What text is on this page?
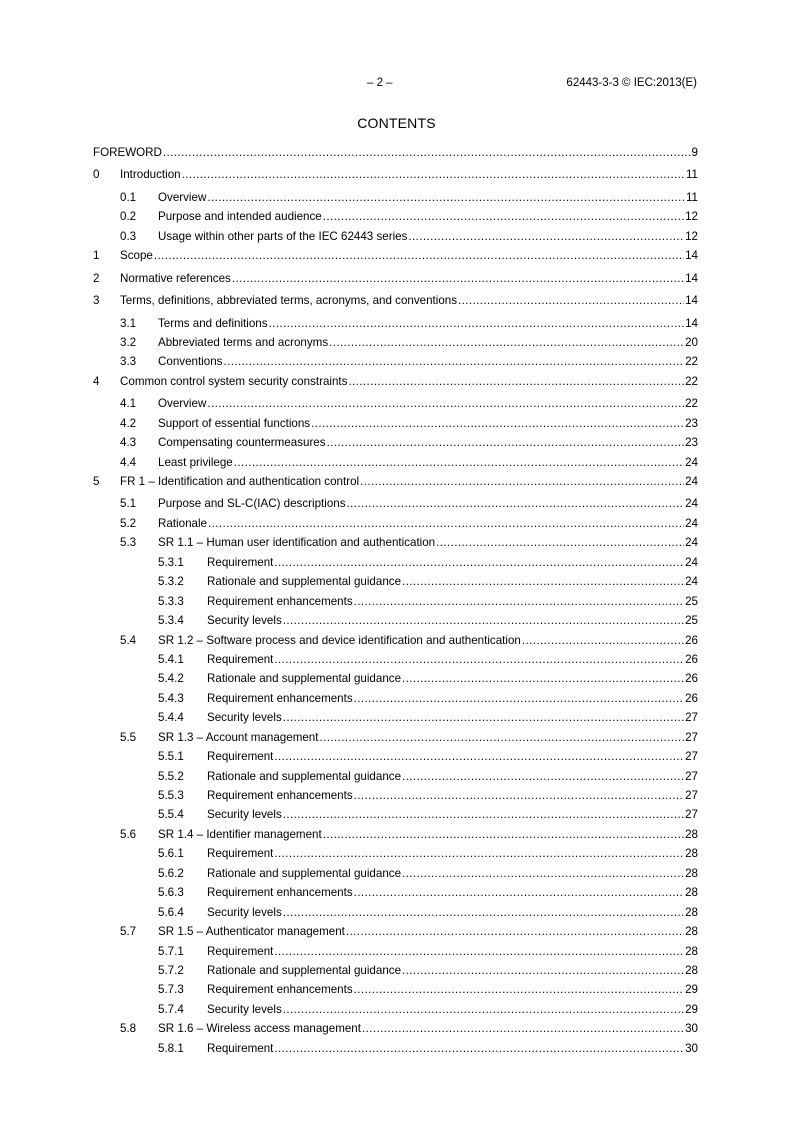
– 2 –	62443-3-3 © IEC:2013(E)
CONTENTS
FOREWORD .....	9
0	Introduction .....	11
0.1	Overview .....	11
0.2	Purpose and intended audience .....	12
0.3	Usage within other parts of the IEC 62443 series .....	12
1	Scope .....	14
2	Normative references .....	14
3	Terms, definitions, abbreviated terms, acronyms, and conventions .....	14
3.1	Terms and definitions .....	14
3.2	Abbreviated terms and acronyms .....	20
3.3	Conventions .....	22
4	Common control system security constraints .....	22
4.1	Overview .....	22
4.2	Support of essential functions .....	23
4.3	Compensating countermeasures .....	23
4.4	Least privilege .....	24
5	FR 1 – Identification and authentication control .....	24
5.1	Purpose and SL-C(IAC) descriptions .....	24
5.2	Rationale .....	24
5.3	SR 1.1 – Human user identification and authentication .....	24
5.3.1	Requirement .....	24
5.3.2	Rationale and supplemental guidance .....	24
5.3.3	Requirement enhancements .....	25
5.3.4	Security levels .....	25
5.4	SR 1.2 – Software process and device identification and authentication .....	26
5.4.1	Requirement .....	26
5.4.2	Rationale and supplemental guidance .....	26
5.4.3	Requirement enhancements .....	26
5.4.4	Security levels .....	27
5.5	SR 1.3 – Account management .....	27
5.5.1	Requirement .....	27
5.5.2	Rationale and supplemental guidance .....	27
5.5.3	Requirement enhancements .....	27
5.5.4	Security levels .....	27
5.6	SR 1.4 – Identifier management .....	28
5.6.1	Requirement .....	28
5.6.2	Rationale and supplemental guidance .....	28
5.6.3	Requirement enhancements .....	28
5.6.4	Security levels .....	28
5.7	SR 1.5 – Authenticator management .....	28
5.7.1	Requirement .....	28
5.7.2	Rationale and supplemental guidance .....	28
5.7.3	Requirement enhancements .....	29
5.7.4	Security levels .....	29
5.8	SR 1.6 – Wireless access management .....	30
5.8.1	Requirement .....	30
